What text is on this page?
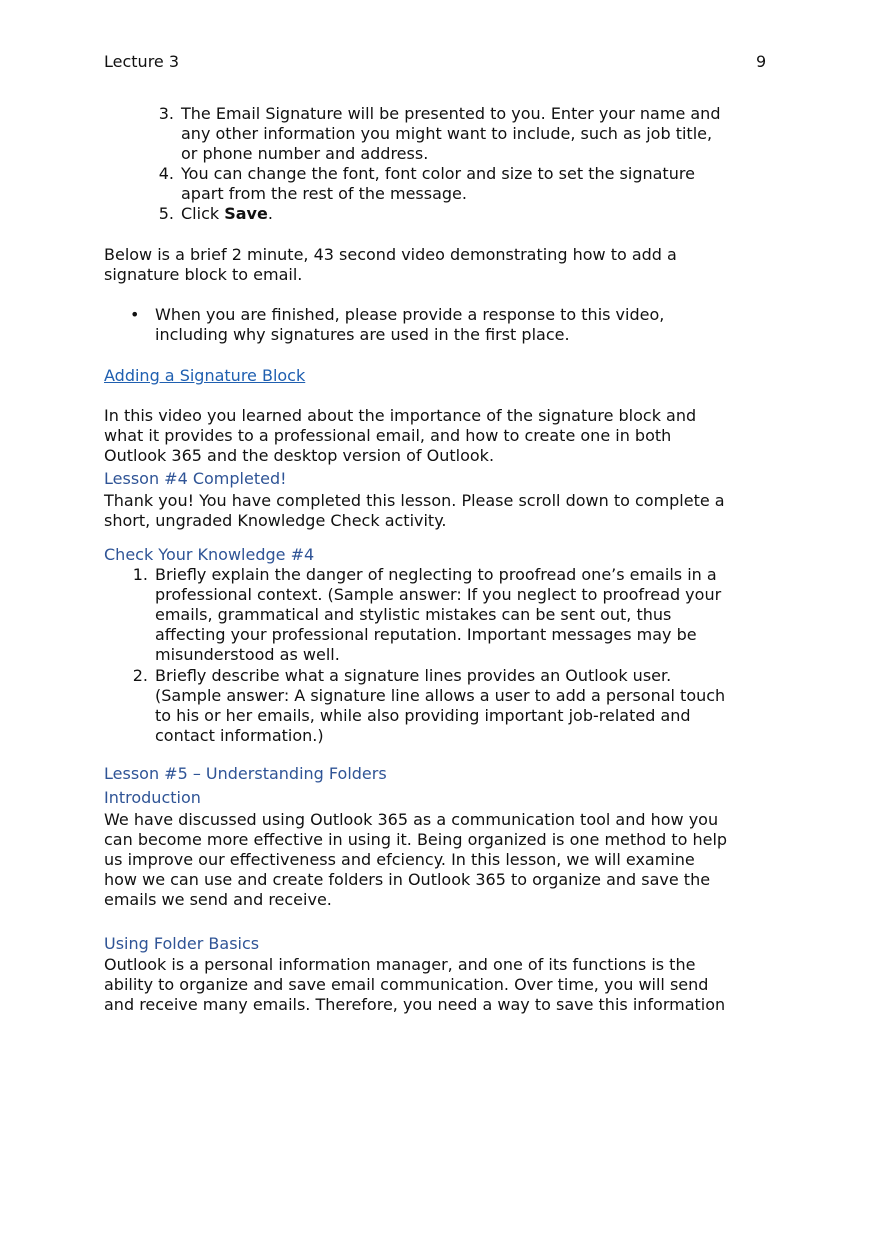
Lecture 3	9
3. The Email Signature will be presented to you. Enter your name and
any other information you might want to include, such as job title,
or phone number and address.
4. You can change the font, font color and size to set the signature
apart from the rest of the message.
5. Click Save.
Below is a brief 2 minute, 43 second video demonstrating how to add a
signature block to email.
• When you are finished, please provide a response to this video,
including why signatures are used in the first place.
Adding a Signature Block
In this video you learned about the importance of the signature block and
what it provides to a professional email, and how to create one in both
Outlook 365 and the desktop version of Outlook.
Lesson #4 Completed!
Thank you! You have completed this lesson. Please scroll down to complete a
short, ungraded Knowledge Check activity.
Check Your Knowledge #4
1. Briefly explain the danger of neglecting to proofread one’s emails in a
professional context. (Sample answer: If you neglect to proofread your
emails, grammatical and stylistic mistakes can be sent out, thus
affecting your professional reputation. Important messages may be
misunderstood as well.
2. Briefly describe what a signature lines provides an Outlook user.
(Sample answer: A signature line allows a user to add a personal touch
to his or her emails, while also providing important job-related and
contact information.)
Lesson #5 – Understanding Folders
Introduction
We have discussed using Outlook 365 as a communication tool and how you
can become more effective in using it. Being organized is one method to help
us improve our effectiveness and efciency. In this lesson, we will examine
how we can use and create folders in Outlook 365 to organize and save the
emails we send and receive.
Using Folder Basics
Outlook is a personal information manager, and one of its functions is the
ability to organize and save email communication. Over time, you will send
and receive many emails. Therefore, you need a way to save this information
